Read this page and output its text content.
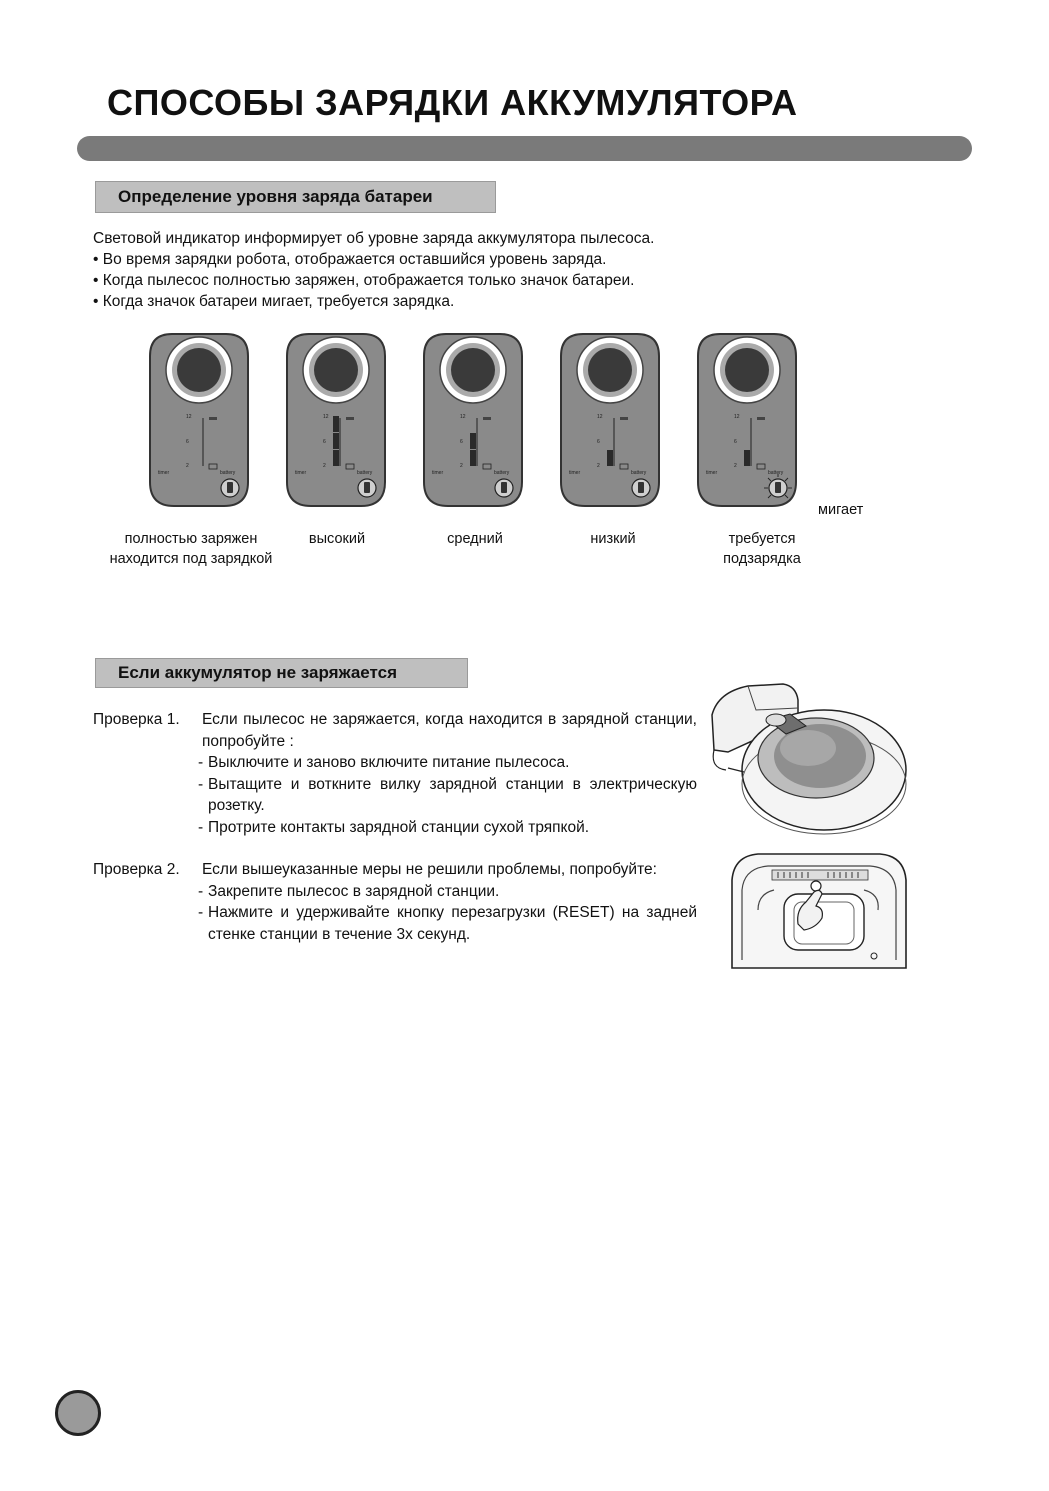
СПОСОБЫ ЗАРЯДКИ АККУМУЛЯТОРА
Определение уровня заряда батареи
Световой индикатор информирует об уровне заряда аккумулятора пылесоса.
• Во время зарядки робота, отображается оставшийся уровень заряда.
• Когда пылесос полностью заряжен, отображается только значок батареи.
• Когда значок батареи мигает, требуется зарядка.
12
6
2
timer	battery
12
6
2
timer	battery
12
6
2
timer	battery
12
6
2
timer	battery
12
6
2
timer	battery
мигает
полностью заряжен
находится под зарядкой
высокий	средний	низкий	требуется
подзарядка
Если аккумулятор не заряжается
Проверка 1.	Если пылесос не заряжается, когда находится в зарядной станции, попробуйте :
- Выключите и заново включите питание пылесоса.
- Вытащите и воткните вилку зарядной станции в электрическую розетку.
- Протрите контакты зарядной станции сухой тряпкой.
Проверка 2.	Если вышеуказанные меры не решили проблемы, попробуйте:
- Закрепите пылесос в зарядной станции.
- Нажмите и удерживайте кнопку перезагрузки (RESET) на задней стенке станции в течение 3х секунд.
